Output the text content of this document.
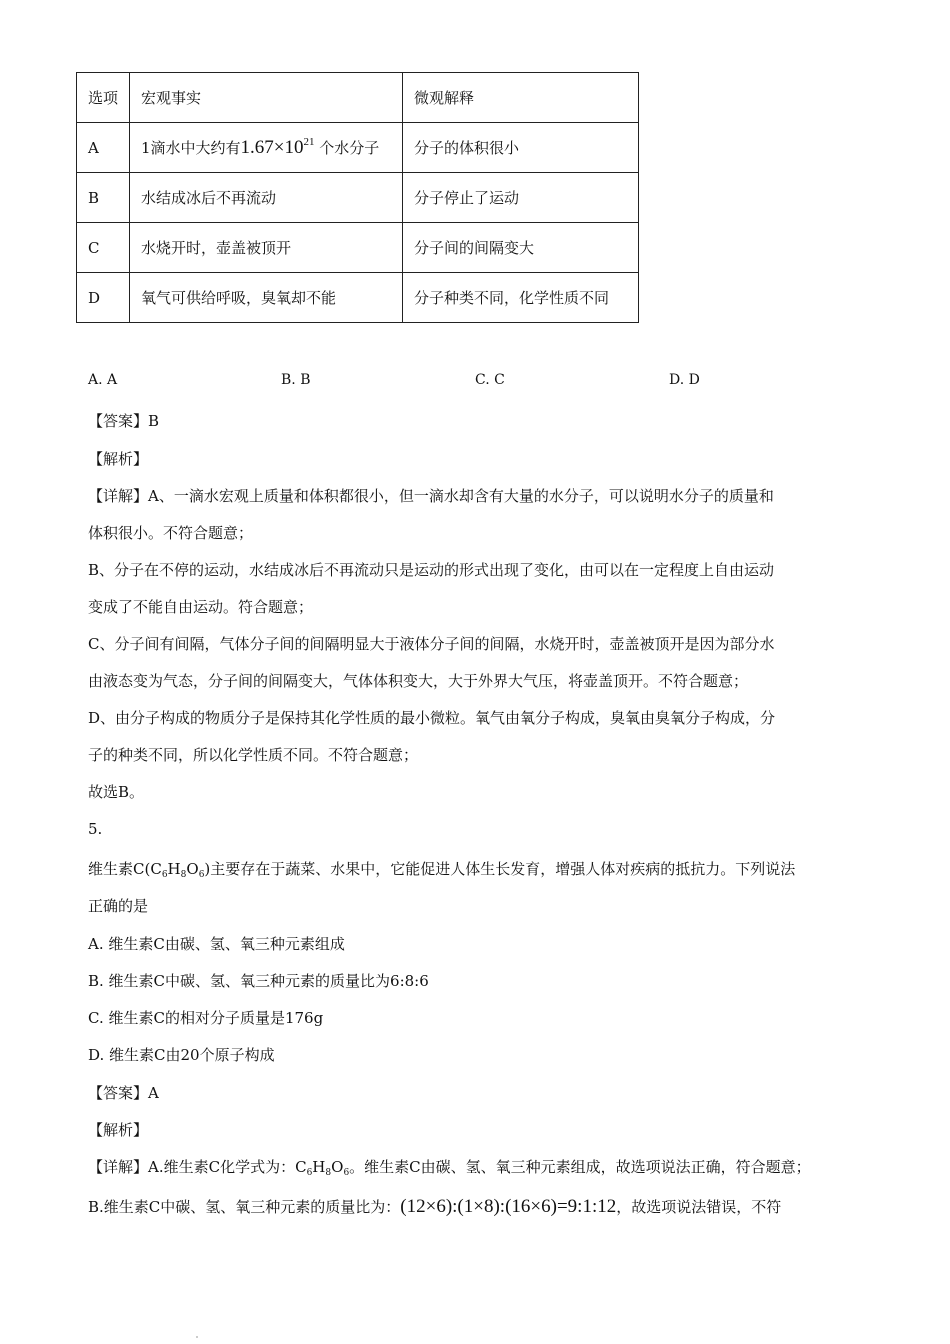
选项	宏观事实	微观解释
A	1滴水中大约有$1.67\times 10^{21}$ 个水分子	分子的体积很小
B	水结成冰后不再流动	分子停止了运动
C	水烧开时，壶盖被顶开	分子间的间隔变大
D	氧气可供给呼吸，臭氧却不能	分子种类不同，化学性质不同
A. A	B. B	C. C	D. D
【答案】B
【解析】
【详解】A、一滴水宏观上质量和体积都很小，但一滴水却含有大量的水分子，可以说明水分子的质量和
体积很小。不符合题意；
B、分子在不停的运动，水结成冰后不再流动只是运动的形式出现了变化，由可以在一定程度上自由运动
变成了不能自由运动。符合题意；
C、分子间有间隔，气体分子间的间隔明显大于液体分子间的间隔，水烧开时，壶盖被顶开是因为部分水
由液态变为气态，分子间的间隔变大，气体体积变大，大于外界大气压，将壶盖顶开。不符合题意；
D、由分子构成的物质分子是保持其化学性质的最小微粒。氧气由氧分子构成，臭氧由臭氧分子构成，分
子的种类不同，所以化学性质不同。不符合题意；
故选B。
5.
维生素$C(C_6H_8O_6)$主要存在于蔬菜、水果中，它能促进人体生长发育，增强人体对疾病的抵抗力。下列说法
正确的是
A. 维生素C由碳、氢、氧三种元素组成
B. 维生素C中碳、氢、氧三种元素的质量比为6:8:6
C. 维生素C的相对分子质量是176g
D. 维生素C由20个原子构成
【答案】A
【解析】
【详解】A.维生素C化学式为：$C_6H_8O_6$。维生素C由碳、氢、氧三种元素组成，故选项说法正确，符合题意；
B.维生素C中碳、氢、氧三种元素的质量比为：(12×6):(1×8):(16×6)=9:1:12，故选项说法错误，不符
